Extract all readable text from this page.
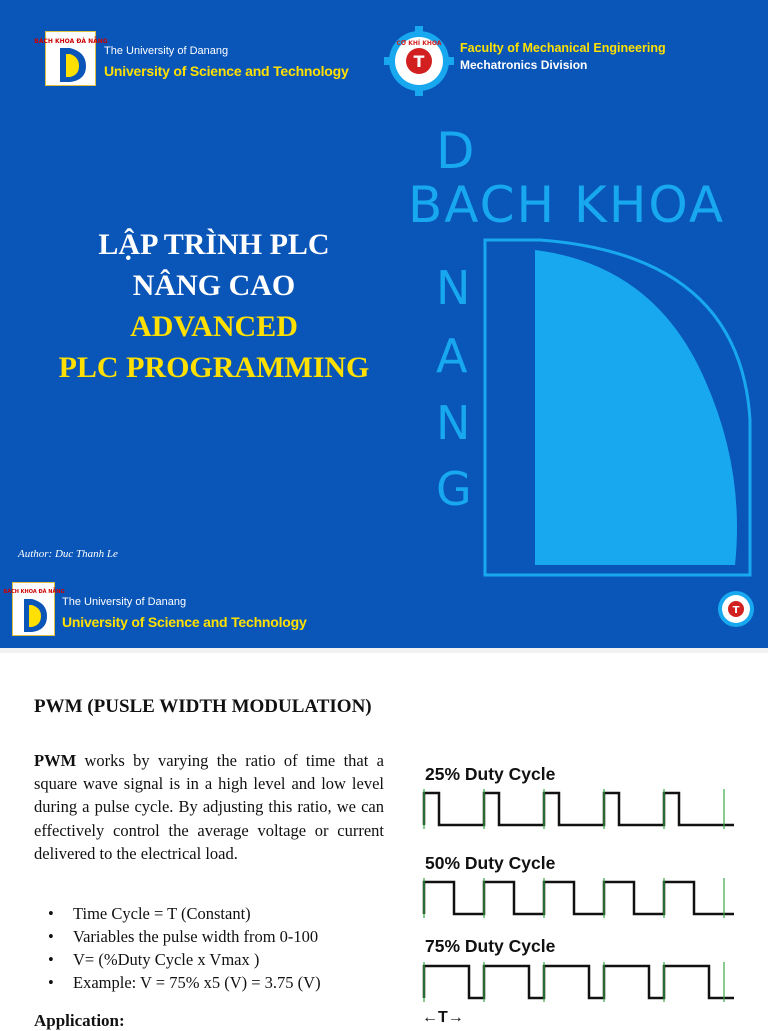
D
BACH KHOA
N
A
N
G
BÁCH KHOA ĐÀ NẴNG
The University of Danang
University of Science and Technology	T
CƠ KHÍ KHOA Faculty of Mechanical Engineering
Mechatronics Division
LẬP TRÌNH PLC
NÂNG CAO
ADVANCED
PLC PROGRAMMING
Author: Duc Thanh Le
BÁCH KHOA ĐÀ NẴNG
The University of Danang
University of Science and Technology
T
PWM (PUSLE WIDTH MODULATION)
PWM works by varying the ratio of time that a square wave signal is in a high level and low level during a pulse cycle. By adjusting this ratio, we can effectively control the average voltage or current delivered to the electrical load.
• Time Cycle = T (Constant)
• Variables the pulse width from 0-100
• V= (%Duty Cycle x Vmax )
• Example: V = 75% x5 (V) = 3.75 (V)
Application:
25% Duty Cycle
50% Duty Cycle
75% Duty Cycle
←T→
